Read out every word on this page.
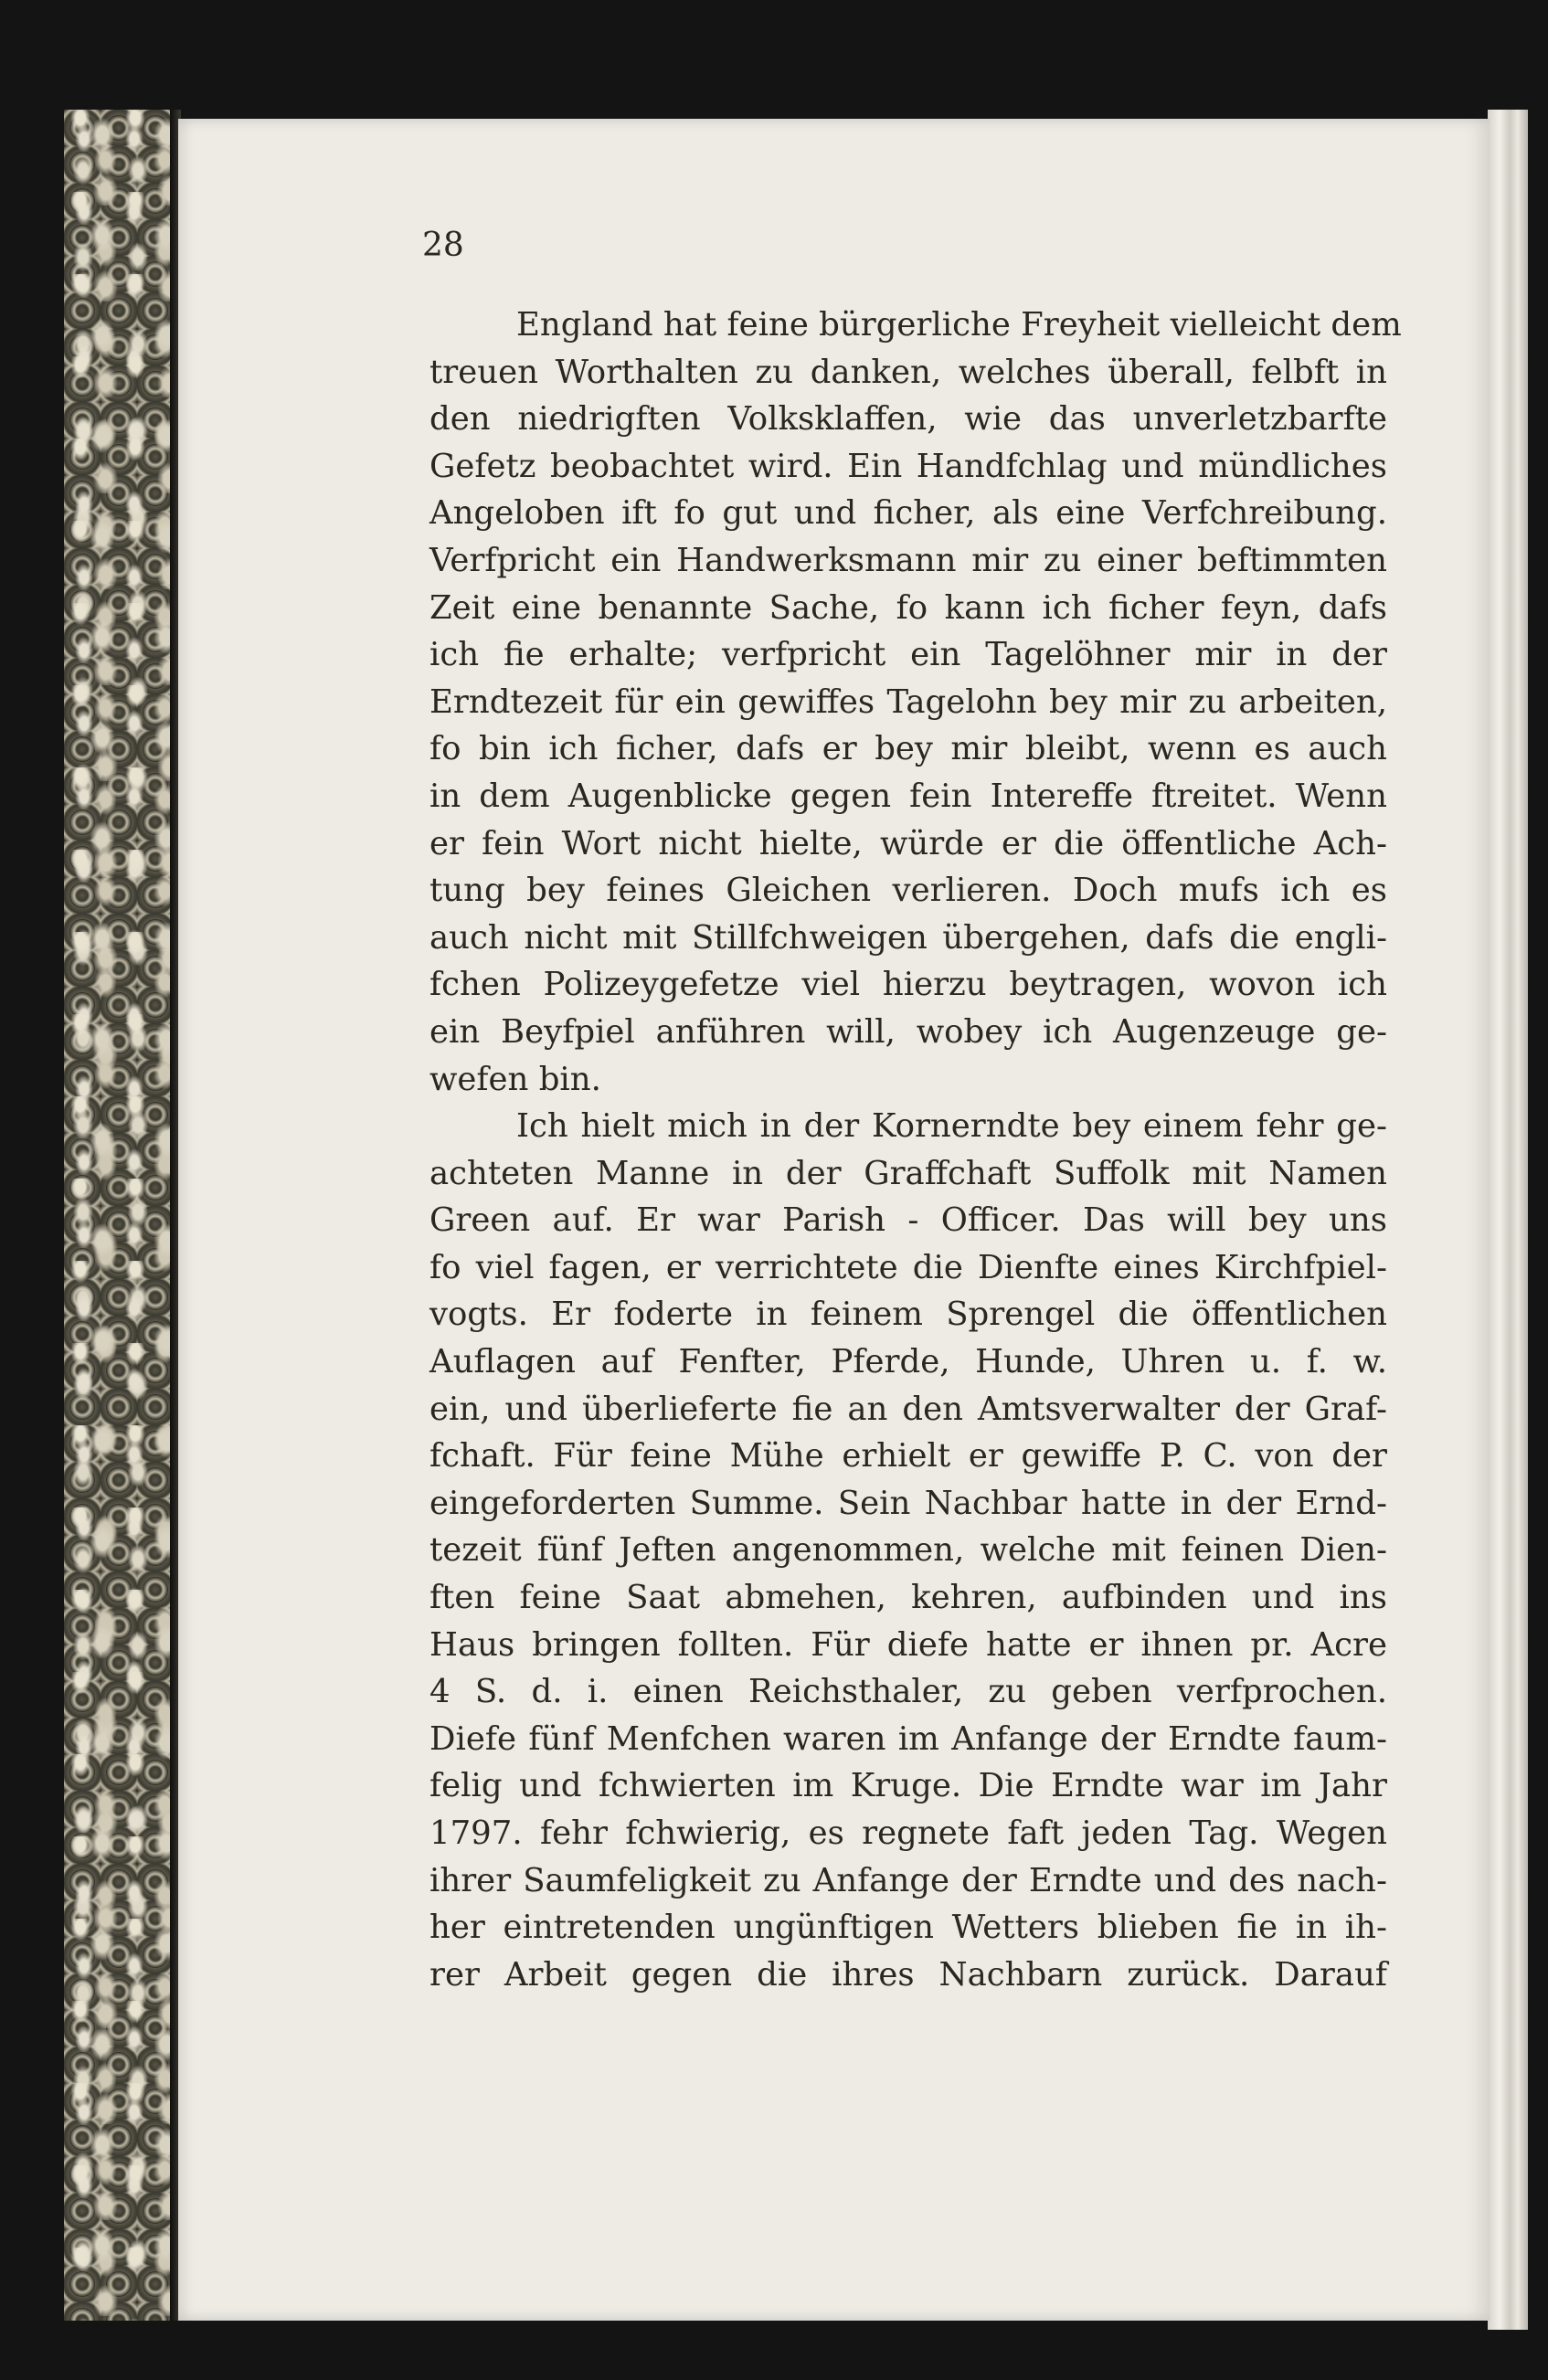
28
England hat feine bürgerliche Freyheit vielleicht dem
treuen Worthalten zu danken, welches überall, felbft in
den niedrigften Volksklaffen, wie das unverletzbarfte
Gefetz beobachtet wird. Ein Handfchlag und mündliches
Angeloben ift fo gut und ficher, als eine Verfchreibung.
Verfpricht ein Handwerksmann mir zu einer beftimmten
Zeit eine benannte Sache, fo kann ich ficher feyn, dafs
ich fie erhalte; verfpricht ein Tagelöhner mir in der
Erndtezeit für ein gewiffes Tagelohn bey mir zu arbeiten,
fo bin ich ficher, dafs er bey mir bleibt, wenn es auch
in dem Augenblicke gegen fein Intereffe ftreitet. Wenn
er fein Wort nicht hielte, würde er die öffentliche Ach-
tung bey feines Gleichen verlieren. Doch mufs ich es
auch nicht mit Stillfchweigen übergehen, dafs die engli-
fchen Polizeygefetze viel hierzu beytragen, wovon ich
ein Beyfpiel anführen will, wobey ich Augenzeuge ge-
wefen bin.
Ich hielt mich in der Kornerndte bey einem fehr ge-
achteten Manne in der Graffchaft Suffolk mit Namen
Green auf. Er war Parish - Officer. Das will bey uns
fo viel fagen, er verrichtete die Dienfte eines Kirchfpiel-
vogts. Er foderte in feinem Sprengel die öffentlichen
Auflagen auf Fenfter, Pferde, Hunde, Uhren u. f. w.
ein, und überlieferte fie an den Amtsverwalter der Graf-
fchaft. Für feine Mühe erhielt er gewiffe P. C. von der
eingeforderten Summe. Sein Nachbar hatte in der Ernd-
tezeit fünf Jeften angenommen, welche mit feinen Dien-
ften feine Saat abmehen, kehren, aufbinden und ins
Haus bringen follten. Für diefe hatte er ihnen pr. Acre
4 S. d. i. einen Reichsthaler, zu geben verfprochen.
Diefe fünf Menfchen waren im Anfange der Erndte faum-
felig und fchwierten im Kruge. Die Erndte war im Jahr
1797. fehr fchwierig, es regnete faft jeden Tag. Wegen
ihrer Saumfeligkeit zu Anfange der Erndte und des nach-
her eintretenden ungünftigen Wetters blieben fie in ih-
rer Arbeit gegen die ihres Nachbarn zurück. Darauf
